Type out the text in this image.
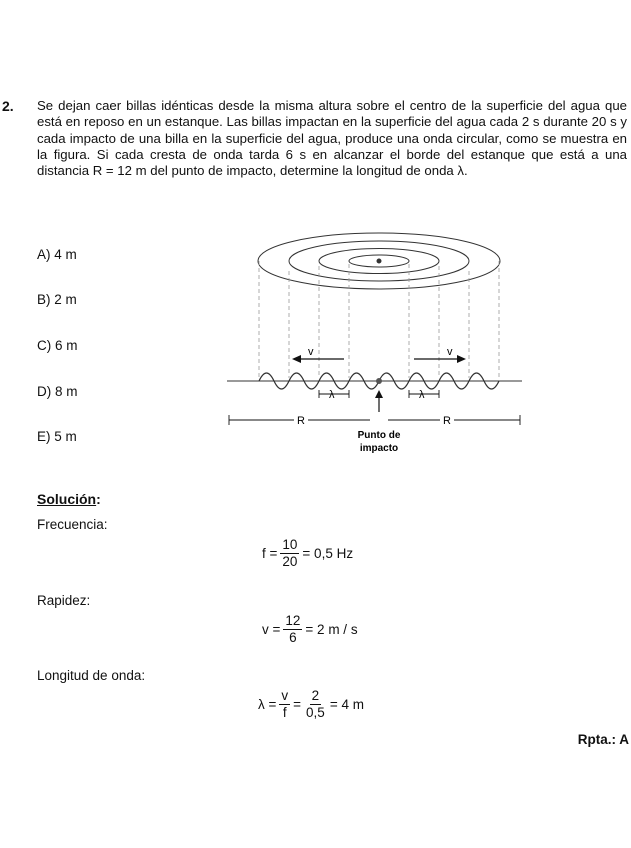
2. Se dejan caer billas idénticas desde la misma altura sobre el centro de la superficie del agua que está en reposo en un estanque. Las billas impactan en la superficie del agua cada 2 s durante 20 s y cada impacto de una billa en la superficie del agua, produce una onda circular, como se muestra en la figura. Si cada cresta de onda tarda 6 s en alcanzar el borde del estanque que está a una distancia R = 12 m del punto de impacto, determine la longitud de onda λ.
A) 4 m
B) 2 m
C) 6 m
D) 8 m
E) 5 m
v	v
λ	λ
R	R
Punto de
impacto
Solución:
Frecuencia:
$f = \frac{10}{20} = 0,5$ Hz
Rapidez:
$v = \frac{12}{6} = 2$ m / s
Longitud de onda:
$\lambda = \frac{v}{f} = \frac{2}{0,5} = 4$ m
Rpta.: A
